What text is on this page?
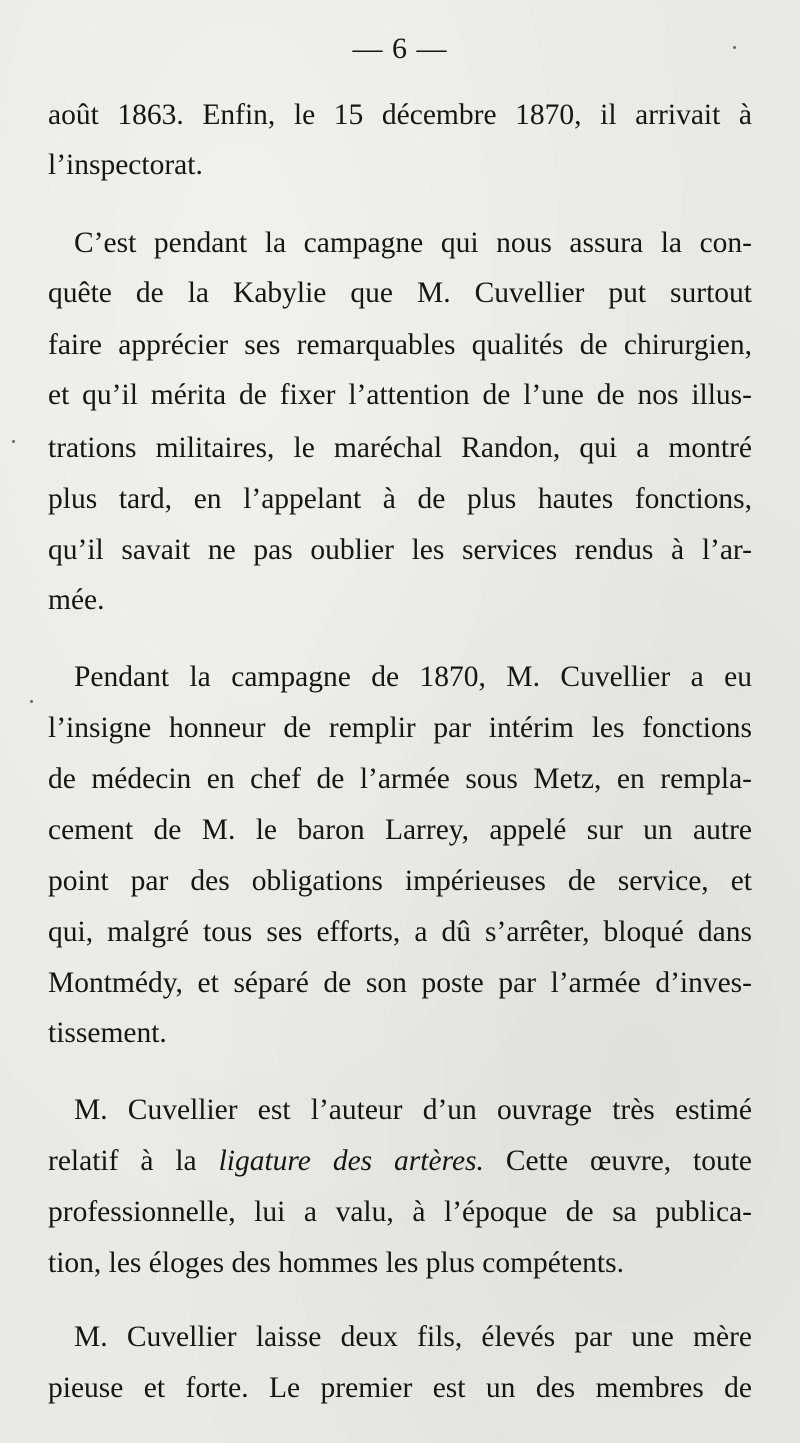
— 6 —
août 1863. Enfin, le 15 décembre 1870, il arrivait à
l’inspectorat.
C’est pendant la campagne qui nous assura la con-
quête de la Kabylie que M. Cuvellier put surtout
faire apprécier ses remarquables qualités de chirurgien,
et qu’il mérita de fixer l’attention de l’une de nos illus-
trations militaires, le maréchal Randon, qui a montré
plus tard, en l’appelant à de plus hautes fonctions,
qu’il savait ne pas oublier les services rendus à l’ar-
mée.
Pendant la campagne de 1870, M. Cuvellier a eu
l’insigne honneur de remplir par intérim les fonctions
de médecin en chef de l’armée sous Metz, en rempla-
cement de M. le baron Larrey, appelé sur un autre
point par des obligations impérieuses de service, et
qui, malgré tous ses efforts, a dû s’arrêter, bloqué dans
Montmédy, et séparé de son poste par l’armée d’inves-
tissement.
M. Cuvellier est l’auteur d’un ouvrage très estimé
relatif à la ligature des artères. Cette œuvre, toute
professionnelle, lui a valu, à l’époque de sa publica-
tion, les éloges des hommes les plus compétents.
M. Cuvellier laisse deux fils, élevés par une mère
pieuse et forte. Le premier est un des membres de
